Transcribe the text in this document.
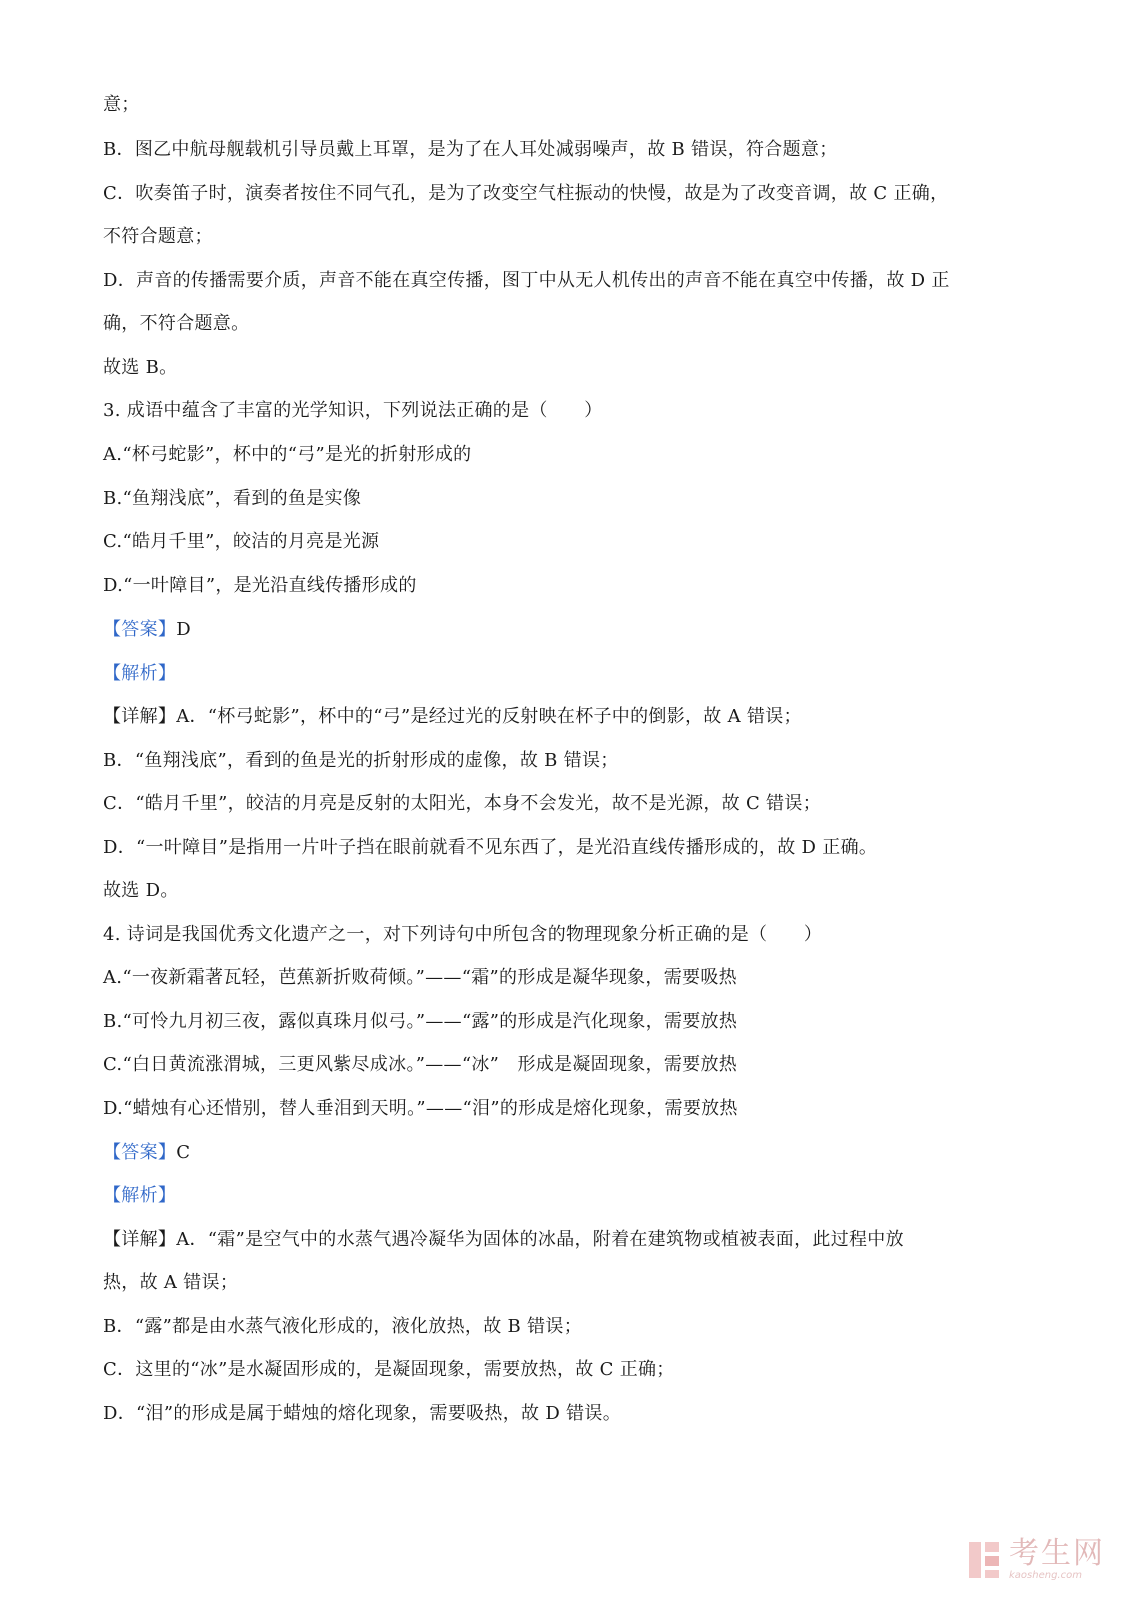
意；
B．图乙中航母舰载机引导员戴上耳罩，是为了在人耳处减弱噪声，故 B 错误，符合题意；
C．吹奏笛子时，演奏者按住不同气孔，是为了改变空气柱振动的快慢，故是为了改变音调，故 C 正确，
不符合题意；
D．声音的传播需要介质，声音不能在真空传播，图丁中从无人机传出的声音不能在真空中传播，故 D 正
确，不符合题意。
故选 B。
3. 成语中蕴含了丰富的光学知识，下列说法正确的是（　　）
A.“杯弓蛇影”，杯中的“弓”是光的折射形成的
B.“鱼翔浅底”，看到的鱼是实像
C.“皓月千里”，皎洁的月亮是光源
D.“一叶障目”，是光沿直线传播形成的
【答案】D
【解析】
【详解】A．“杯弓蛇影”，杯中的“弓”是经过光的反射映在杯子中的倒影，故 A 错误；
B．“鱼翔浅底”，看到的鱼是光的折射形成的虚像，故 B 错误；
C．“皓月千里”，皎洁的月亮是反射的太阳光，本身不会发光，故不是光源，故 C 错误；
D．“一叶障目”是指用一片叶子挡在眼前就看不见东西了，是光沿直线传播形成的，故 D 正确。
故选 D。
4. 诗词是我国优秀文化遗产之一，对下列诗句中所包含的物理现象分析正确的是（　　）
A.“一夜新霜著瓦轻，芭蕉新折败荷倾。”——“霜”的形成是凝华现象，需要吸热
B.“可怜九月初三夜，露似真珠月似弓。”——“露”的形成是汽化现象，需要放热
C.“白日黄流涨渭城，三更风紫尽成冰。”——“冰”　形成是凝固现象，需要放热
D.“蜡烛有心还惜别，替人垂泪到天明。”——“泪”的形成是熔化现象，需要放热
【答案】C
【解析】
【详解】A．“霜”是空气中的水蒸气遇冷凝华为固体的冰晶，附着在建筑物或植被表面，此过程中放
热，故 A 错误；
B．“露”都是由水蒸气液化形成的，液化放热，故 B 错误；
C．这里的“冰”是水凝固形成的，是凝固现象，需要放热，故 C 正确；
D．“泪”的形成是属于蜡烛的熔化现象，需要吸热，故 D 错误。
考生网
kaosheng.com
